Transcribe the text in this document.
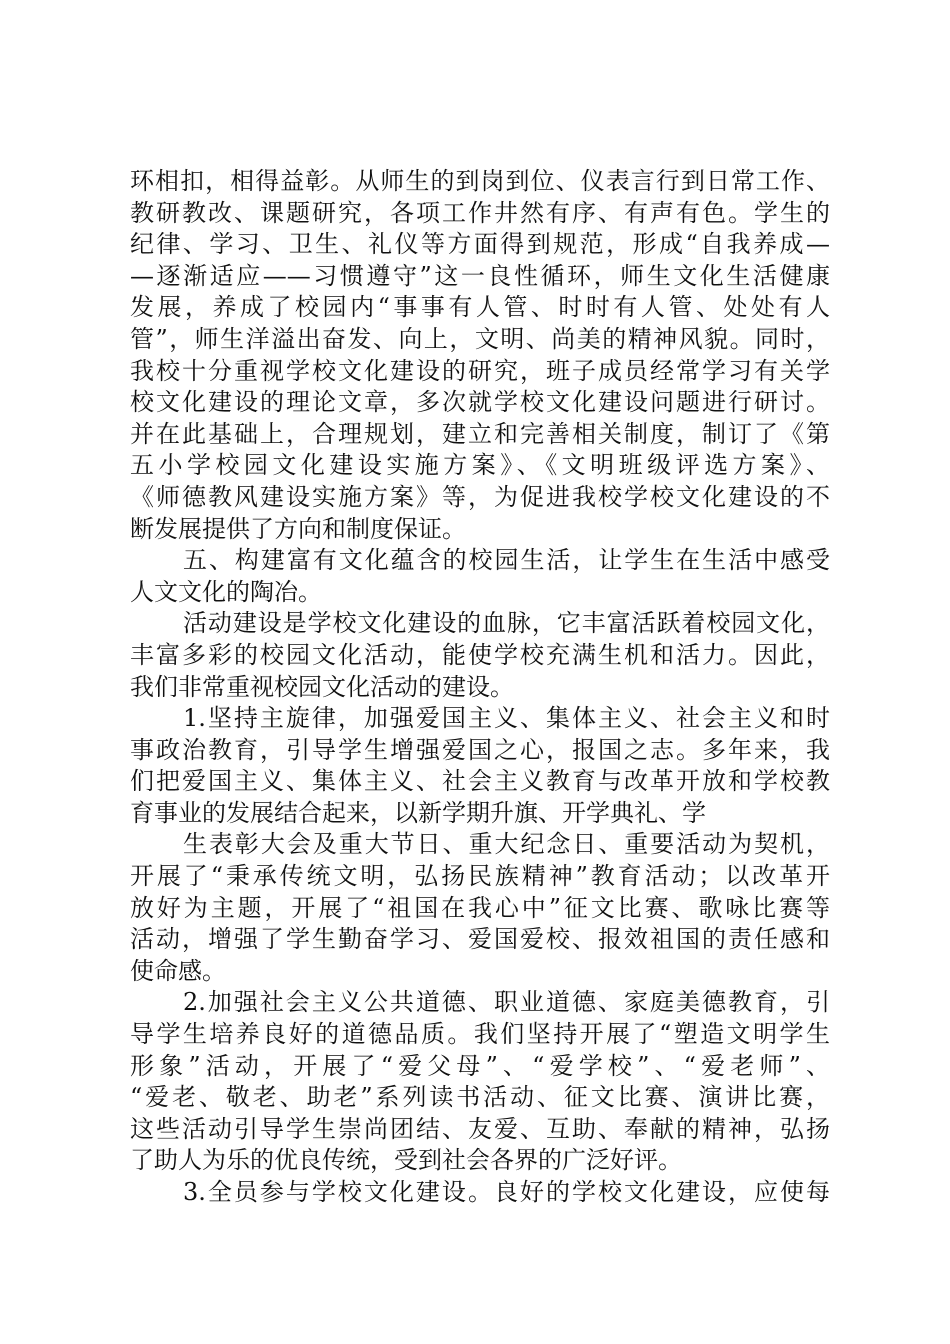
环相扣，相得益彰。从师生的到岗到位、仪表言行到日常工作、
教研教改、课题研究，各项工作井然有序、有声有色。学生的
纪律、学习、卫生、礼仪等方面得到规范，形成“自我养成—
—逐渐适应——习惯遵守”这一良性循环，师生文化生活健康
发展，养成了校园内“事事有人管、时时有人管、处处有人
管”，师生洋溢出奋发、向上，文明、尚美的精神风貌。同时，
我校十分重视学校文化建设的研究，班子成员经常学习有关学
校文化建设的理论文章，多次就学校文化建设问题进行研讨。
并在此基础上，合理规划，建立和完善相关制度，制订了《第
五小学校园文化建设实施方案》、《文明班级评选方案》、
《师德教风建设实施方案》等，为促进我校学校文化建设的不
断发展提供了方向和制度保证。
五、构建富有文化蕴含的校园生活，让学生在生活中感受
人文文化的陶冶。
活动建设是学校文化建设的血脉，它丰富活跃着校园文化，
丰富多彩的校园文化活动，能使学校充满生机和活力。因此，
我们非常重视校园文化活动的建设。
1.坚持主旋律，加强爱国主义、集体主义、社会主义和时
事政治教育，引导学生增强爱国之心，报国之志。多年来，我
们把爱国主义、集体主义、社会主义教育与改革开放和学校教
育事业的发展结合起来，以新学期升旗、开学典礼、学
生表彰大会及重大节日、重大纪念日、重要活动为契机，
开展了“秉承传统文明，弘扬民族精神”教育活动；以改革开
放好为主题，开展了“祖国在我心中”征文比赛、歌咏比赛等
活动，增强了学生勤奋学习、爱国爱校、报效祖国的责任感和
使命感。
2.加强社会主义公共道德、职业道德、家庭美德教育，引
导学生培养良好的道德品质。我们坚持开展了“塑造文明学生
形象”活动，开展了“爱父母”、“爱学校”、“爱老师”、
“爱老、敬老、助老”系列读书活动、征文比赛、演讲比赛，
这些活动引导学生崇尚团结、友爱、互助、奉献的精神，弘扬
了助人为乐的优良传统，受到社会各界的广泛好评。
3.全员参与学校文化建设。良好的学校文化建设，应使每
